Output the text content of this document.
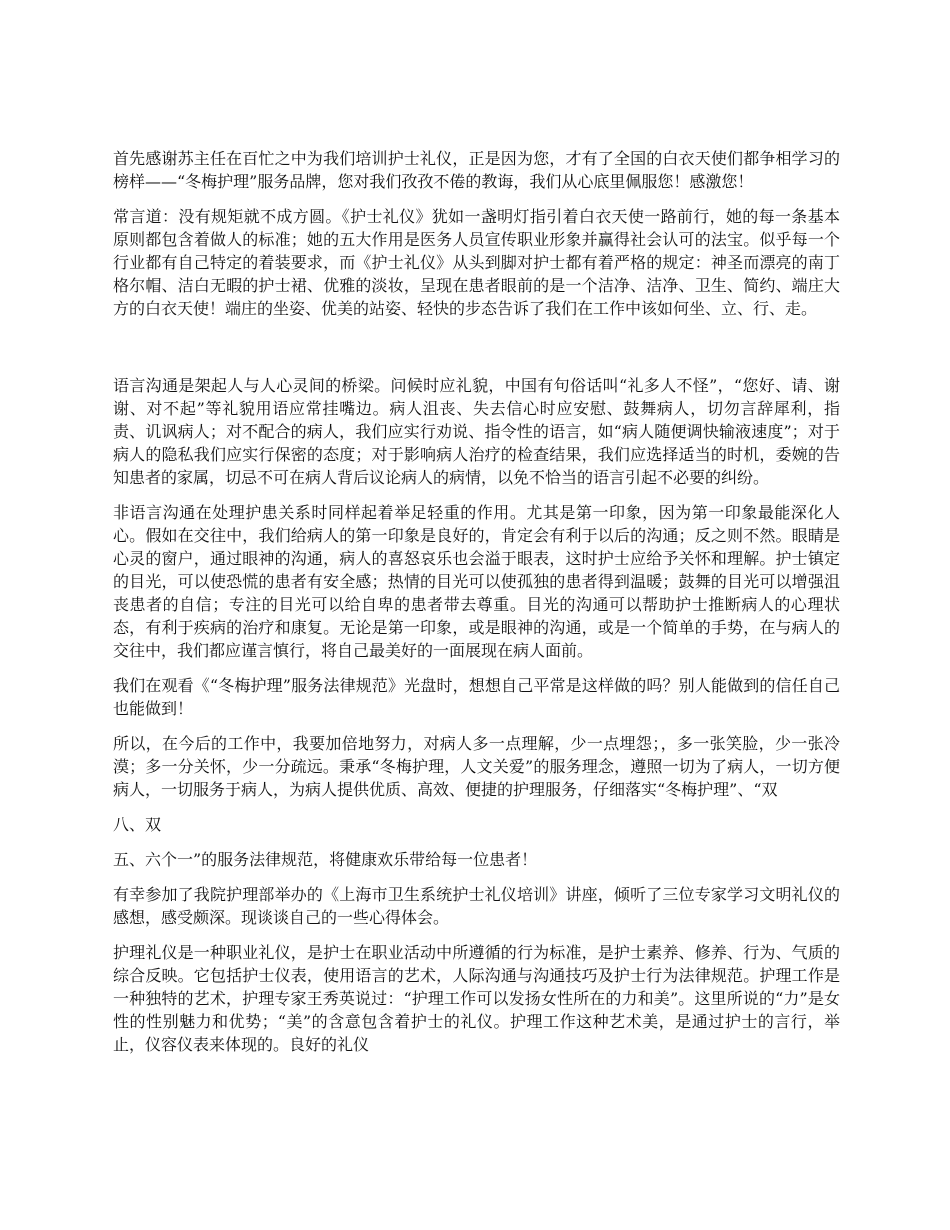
首先感谢苏主任在百忙之中为我们培训护士礼仪，正是因为您，才有了全国的白衣天使们都争相学习的榜样——“冬梅护理”服务品牌，您对我们孜孜不倦的教诲，我们从心底里佩服您！感激您！

常言道：没有规矩就不成方圆。《护士礼仪》犹如一盏明灯指引着白衣天使一路前行，她的每一条基本原则都包含着做人的标准；她的五大作用是医务人员宣传职业形象并赢得社会认可的法宝。似乎每一个行业都有自己特定的着装要求，而《护士礼仪》从头到脚对护士都有着严格的规定：神圣而漂亮的南丁格尔帽、洁白无暇的护士裙、优雅的淡妆，呈现在患者眼前的是一个洁净、洁净、卫生、简约、端庄大方的白衣天使！端庄的坐姿、优美的站姿、轻快的步态告诉了我们在工作中该如何坐、立、行、走。

语言沟通是架起人与人心灵间的桥梁。问候时应礼貌，中国有句俗话叫“礼多人不怪”，“您好、请、谢谢、对不起”等礼貌用语应常挂嘴边。病人沮丧、失去信心时应安慰、鼓舞病人，切勿言辞犀利，指责、讥讽病人；对不配合的病人，我们应实行劝说、指令性的语言，如“病人随便调快输液速度”；对于病人的隐私我们应实行保密的态度；对于影响病人治疗的检查结果，我们应选择适当的时机，委婉的告知患者的家属，切忌不可在病人背后议论病人的病情，以免不恰当的语言引起不必要的纠纷。

非语言沟通在处理护患关系时同样起着举足轻重的作用。尤其是第一印象，因为第一印象最能深化人心。假如在交往中，我们给病人的第一印象是良好的，肯定会有利于以后的沟通；反之则不然。眼睛是心灵的窗户，通过眼神的沟通，病人的喜怒哀乐也会溢于眼表，这时护士应给予关怀和理解。护士镇定的目光，可以使恐慌的患者有安全感；热情的目光可以使孤独的患者得到温暖；鼓舞的目光可以增强沮丧患者的自信；专注的目光可以给自卑的患者带去尊重。目光的沟通可以帮助护士推断病人的心理状态，有利于疾病的治疗和康复。无论是第一印象，或是眼神的沟通，或是一个简单的手势，在与病人的交往中，我们都应谨言慎行，将自己最美好的一面展现在病人面前。

我们在观看《“冬梅护理”服务法律规范》光盘时，想想自己平常是这样做的吗？别人能做到的信任自己也能做到！

所以，在今后的工作中，我要加倍地努力，对病人多一点理解，少一点埋怨；，多一张笑脸，少一张冷漠；多一分关怀，少一分疏远。秉承“冬梅护理，人文关爱”的服务理念，遵照一切为了病人，一切方便病人，一切服务于病人，为病人提供优质、高效、便捷的护理服务，仔细落实“冬梅护理”、“双

八、双

五、六个一”的服务法律规范，将健康欢乐带给每一位患者！

有幸参加了我院护理部举办的《上海市卫生系统护士礼仪培训》讲座，倾听了三位专家学习文明礼仪的感想，感受颇深。现谈谈自己的一些心得体会。

护理礼仪是一种职业礼仪，是护士在职业活动中所遵循的行为标准，是护士素养、修养、行为、气质的综合反映。它包括护士仪表，使用语言的艺术，人际沟通与沟通技巧及护士行为法律规范。护理工作是一种独特的艺术，护理专家王秀英说过：“护理工作可以发扬女性所在的力和美”。这里所说的“力”是女性的性别魅力和优势；“美”的含意包含着护士的礼仪。护理工作这种艺术美，是通过护士的言行，举止，仪容仪表来体现的。良好的礼仪
